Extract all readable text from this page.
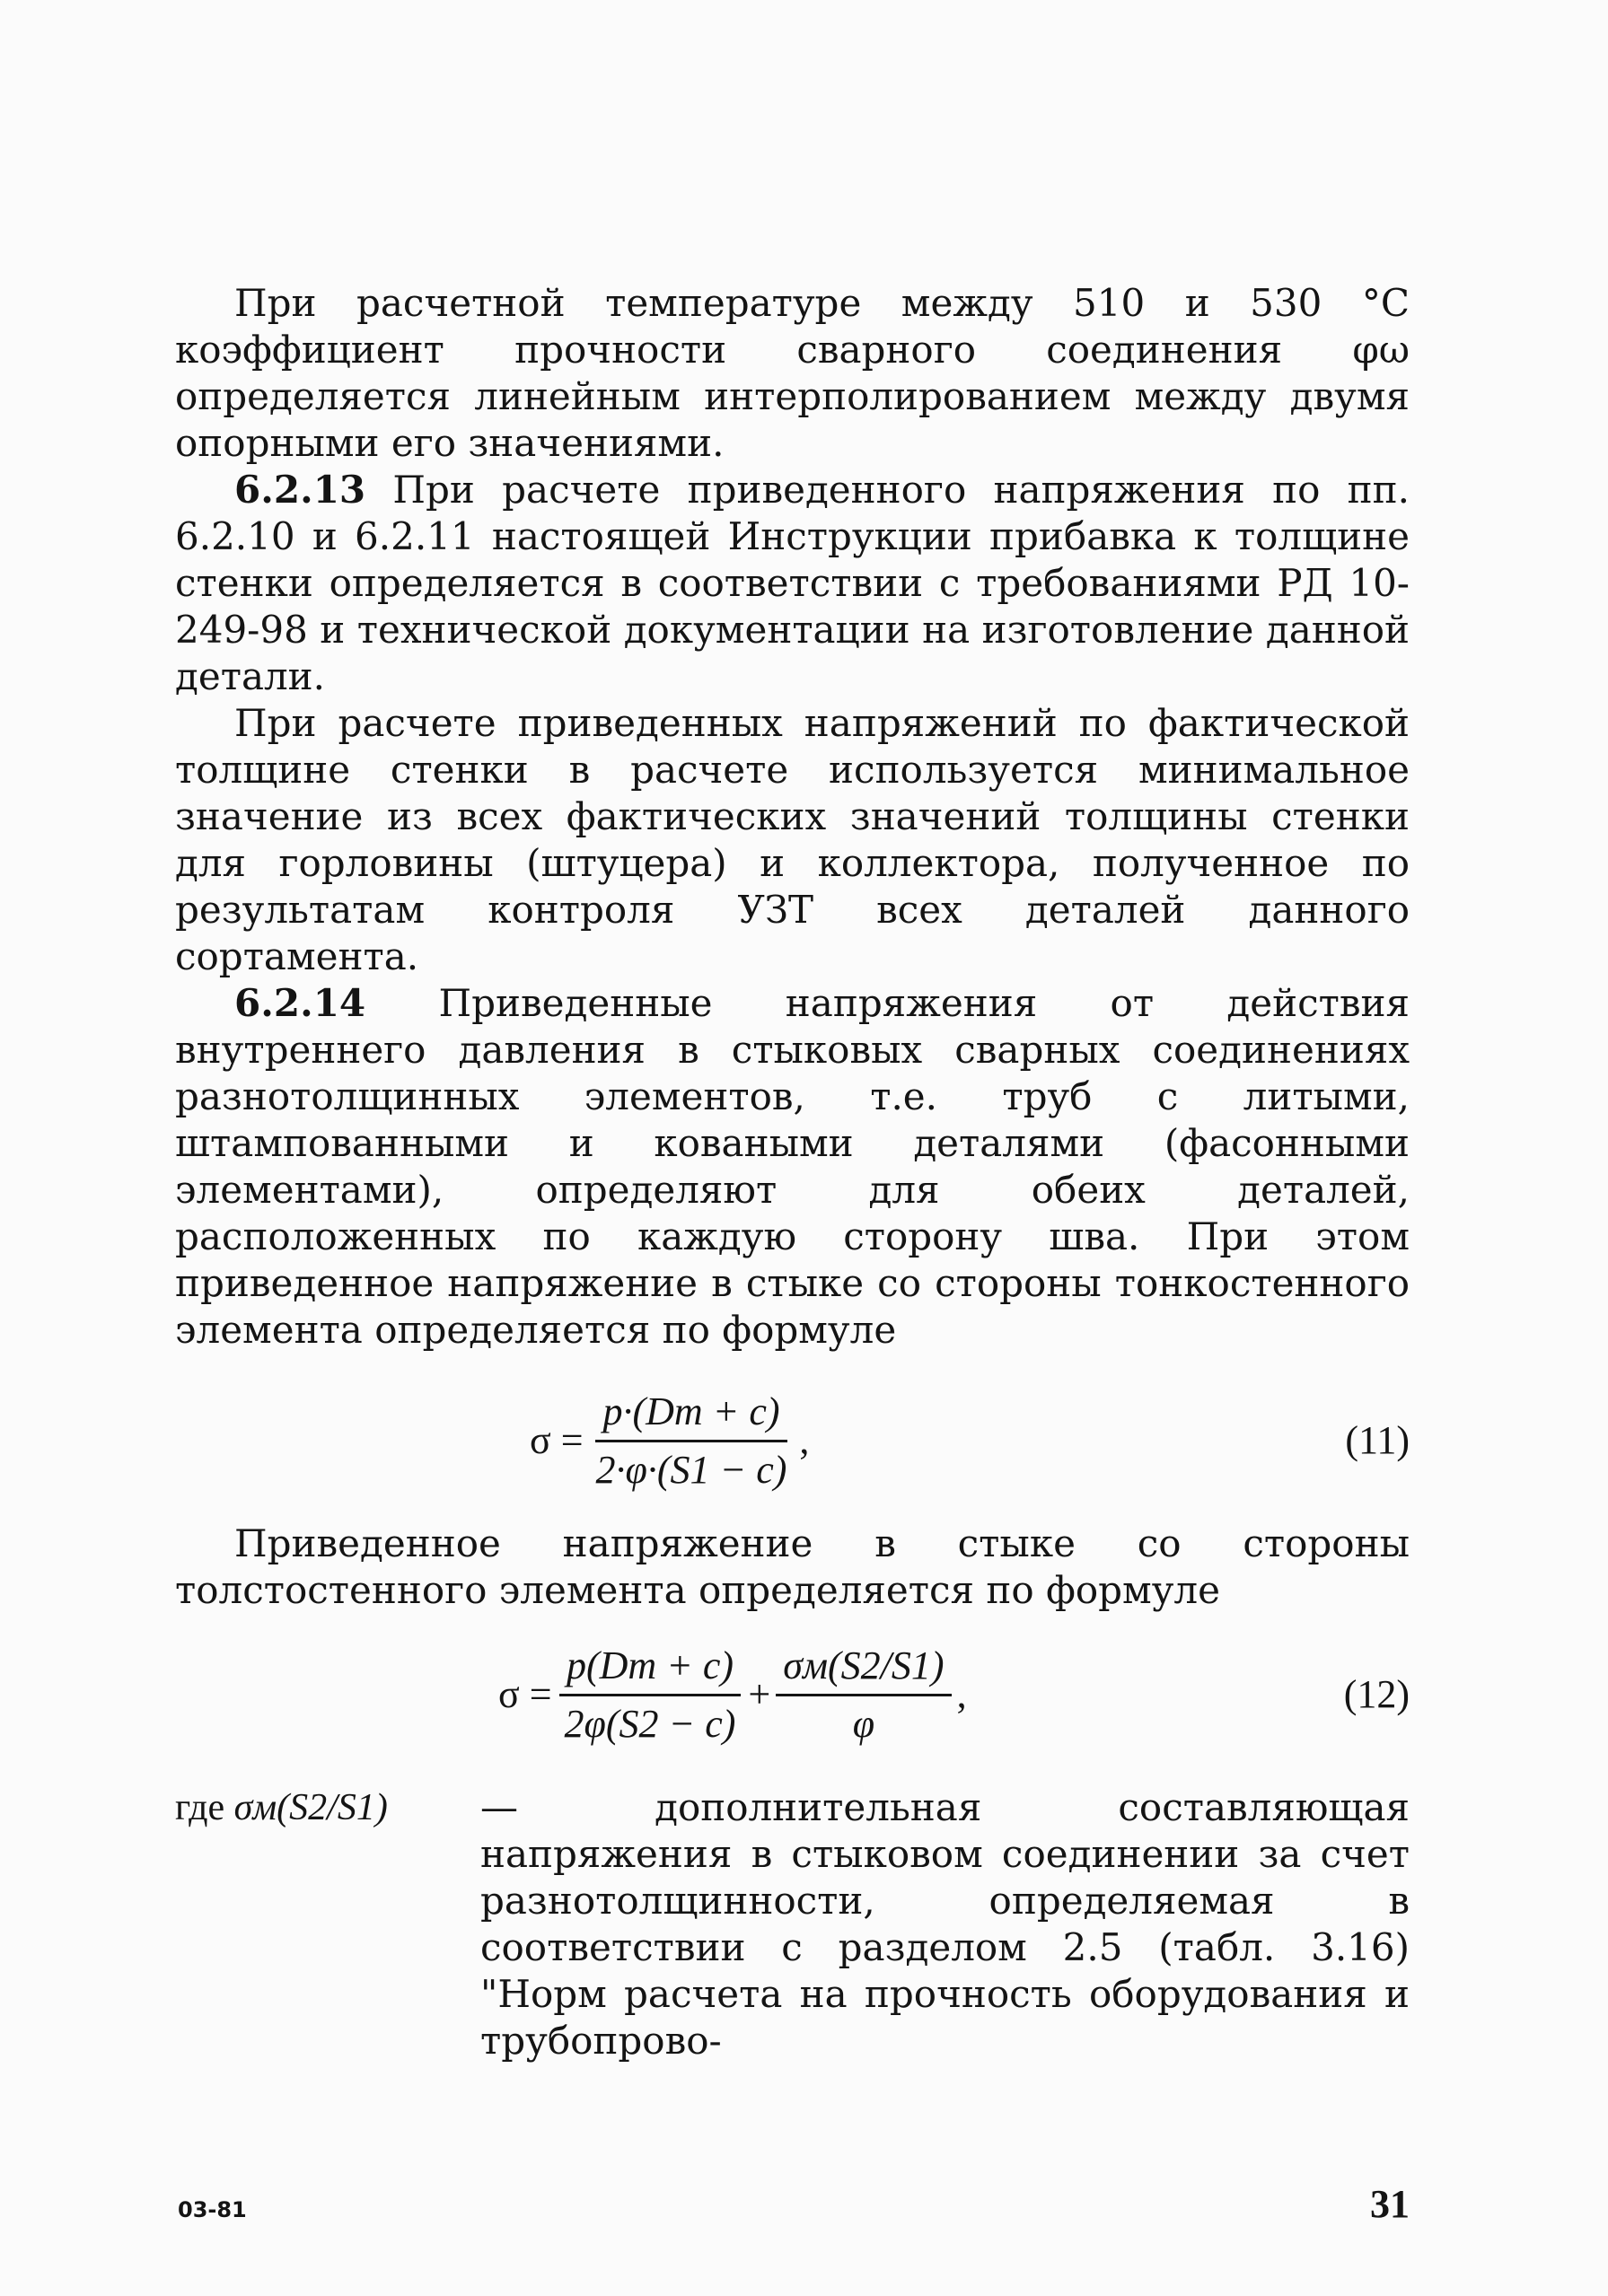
При расчетной температуре между 510 и 530 °С коэффициент прочности сварного соединения φω определяется линейным интерполированием между двумя опорными его значениями.

6.2.13 При расчете приведенного напряжения по пп. 6.2.10 и 6.2.11 настоящей Инструкции прибавка к толщине стенки определяется в соответствии с требованиями РД 10-249-98 и технической документации на изготовление данной детали.

При расчете приведенных напряжений по фактической толщине стенки в расчете используется минимальное значение из всех фактических значений толщины стенки для горловины (штуцера) и коллектора, полученное по результатам контроля УЗТ всех деталей данного сортамента.

6.2.14 Приведенные напряжения от действия внутреннего давления в стыковых сварных соединениях разнотолщинных элементов, т.е. труб с литыми, штампованными и коваными деталями (фасонными элементами), определяют для обеих деталей, расположенных по каждую сторону шва. При этом приведенное напряжение в стыке со стороны тонкостенного элемента определяется по формуле

$\sigma = \frac{p\cdot(Dm + c)}{2\cdot\varphi\cdot(S1 - c)}$ ,	(11)

Приведенное напряжение в стыке со стороны толстостенного элемента определяется по формуле

$\sigma = \frac{p(Dm + c)}{2\varphi(S2 - c)} + \frac{\sigma м(S2/S1)}{\varphi}$ ,	(12)
где σм(S2/S1)	— дополнительная составляющая напряжения в стыковом соединении за счет разнотолщинности, определяемая в соответствии с разделом 2.5 (табл. 3.16) "Норм расчета на прочность оборудования и трубопрово-
03-81	31
